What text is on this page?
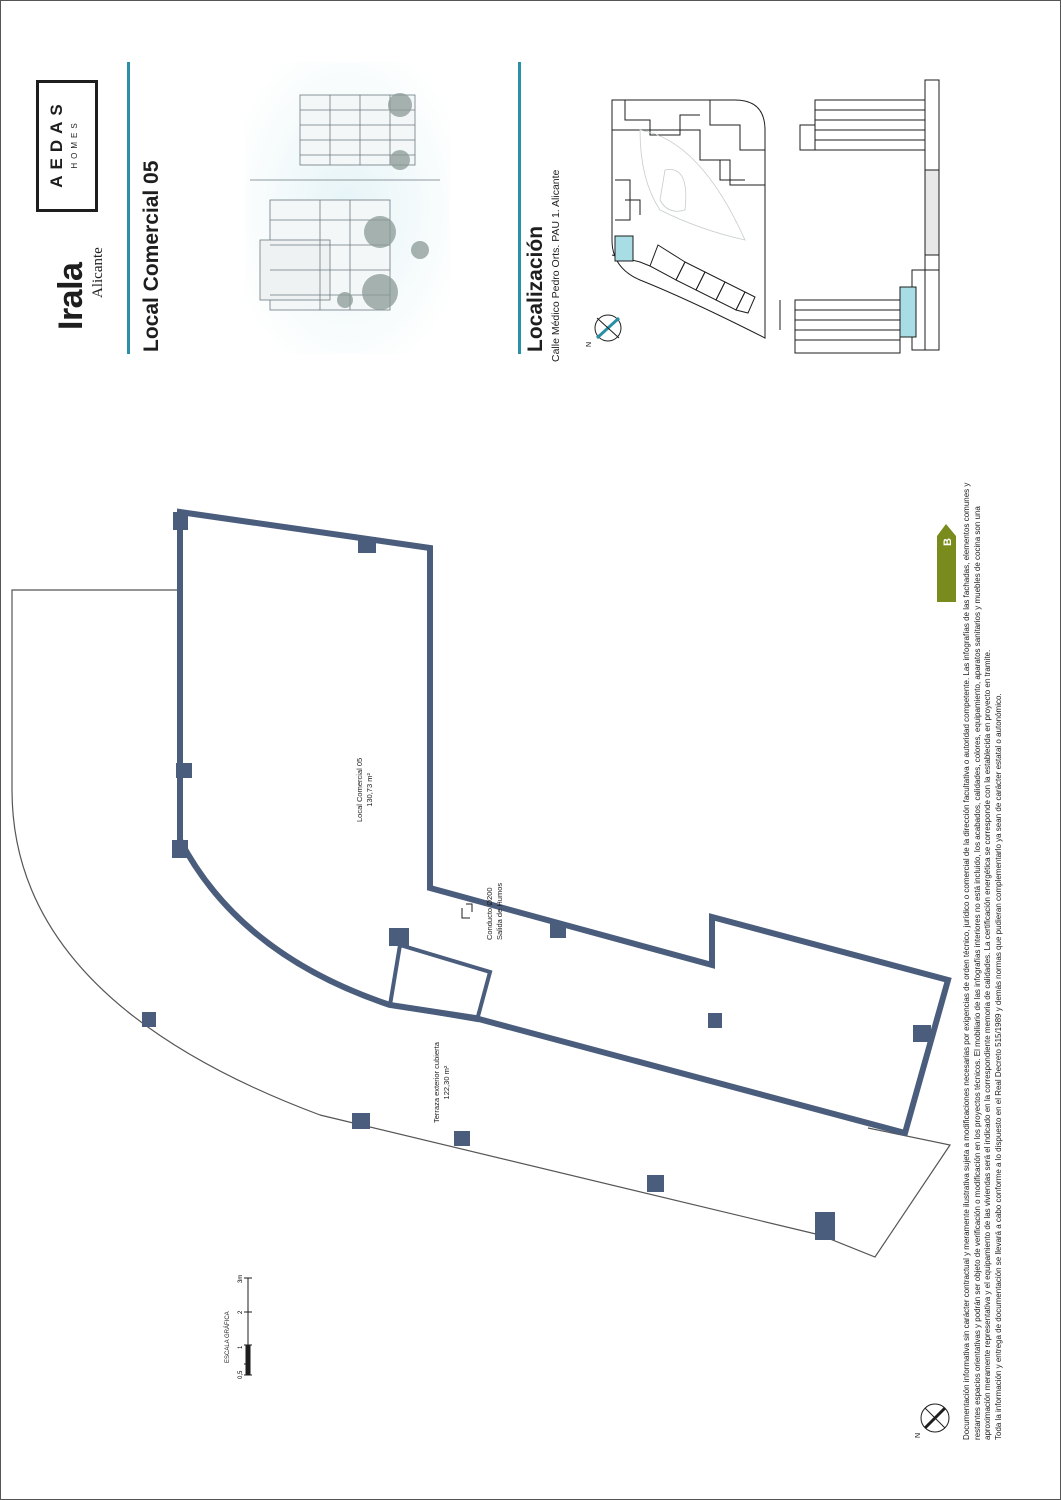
Irala Alicante
AEDAS HOMES
Local Comercial 05	Localización Calle Médico Pedro Orts. PAU 1. Alicante	N
N
0,5
1
2
3m
B
Local Comercial 05 130,73 m²
Terraza exterior cubierta 122,30 m²
Conducto Ø200 Salida de Humos
ESCALA GRÁFICA	Documentación informativa sin carácter contractual y meramente ilustrativa sujeta a modificaciones necesarias por exigencias de orden técnico, jurídico o comercial de la dirección facultativa o autoridad competente. Las infografías de las fachadas, elementos comunes y restantes espacios orientativas y podrán ser objeto de verificación o modificación en los proyectos técnicos. El mobiliario de las infografías interiores no está incluido, los acabados, calidades, colores, equipamiento, aparatos sanitarios y muebles de cocina son una aproximación meramente representativa y el equipamiento de las viviendas será el indicado en la correspondiente memoria de calidades. La certificación energética se corresponde con la establecida en proyecto en tramite. Toda la información y entrega de documentación se llevará a cabo conforme a lo dispuesto en el Real Decreto 515/1989 y demás normas que pudieran complementarlo ya sean de carácter estatal o autonómico.
